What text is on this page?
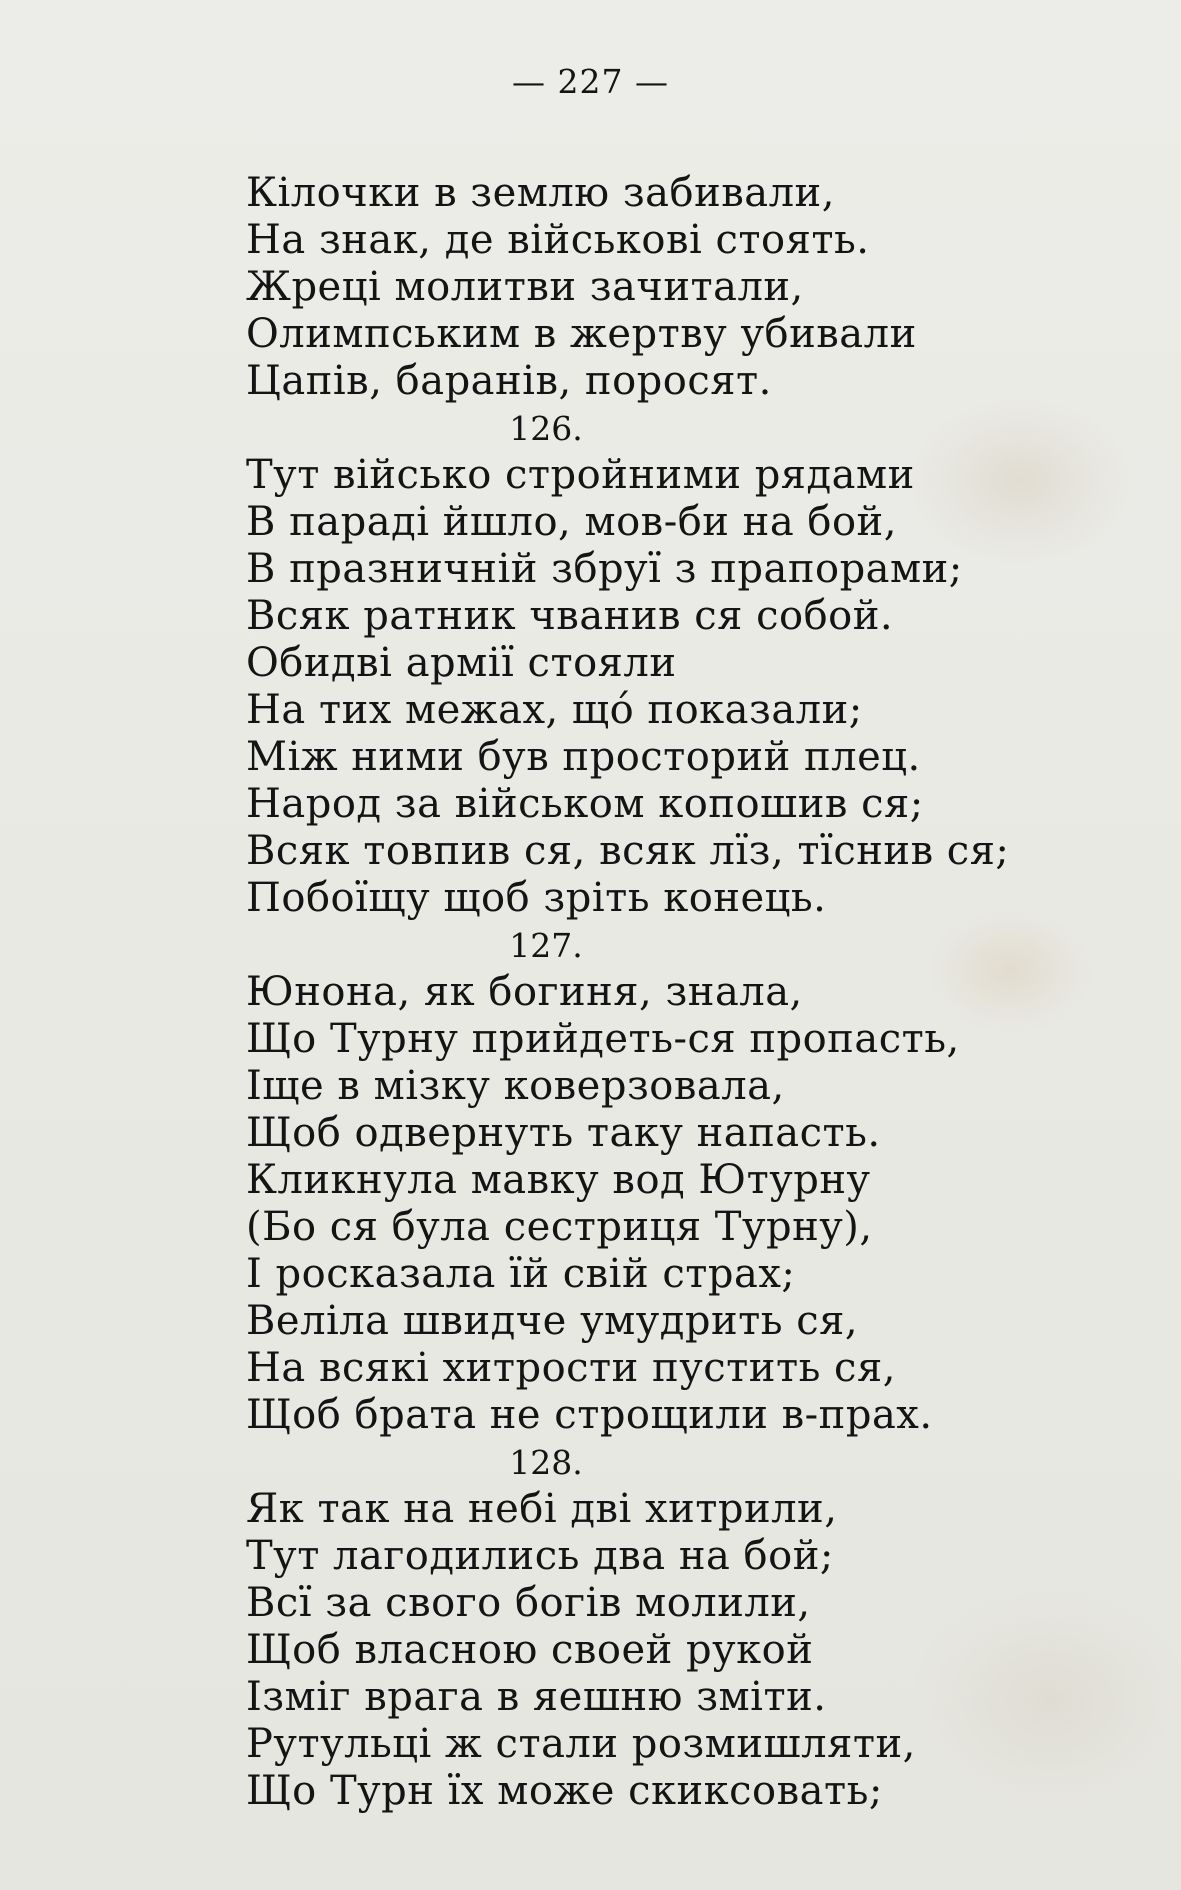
— 227 —
Кілочки в землю забивали,
На знак, де військові стоять.
Жреці молитви зачитали,
Олимпським в жертву убивали
Цапів, баранів, поросят.
126.
Тут військо стройними рядами
В параді йшло, мов-би на бой,
В празничній збруї з прапорами;
Всяк ратник чванив ся собой.
Обидві армії стояли
На тих межах, що́ показали;
Між ними був просторий плец.
Народ за військом копошив ся;
Всяк товпив ся, всяк лїз, тїснив ся;
Побоїщу щоб зріть конець.
127.
Юнона, як богиня, знала,
Що Турну прийдеть-ся пропасть,
Іще в мізку коверзовала,
Щоб одвернуть таку напасть.
Кликнула мавку вод Ютурну
(Бо ся була сестриця Турну),
І росказала їй свій страх;
Веліла швидче умудрить ся,
На всякі хитрости пустить ся,
Щоб брата не строщили в-прах.
128.
Як так на небі дві хитрили,
Тут лагодились два на бой;
Всї за свого богів молили,
Щоб власною своей рукой
Ізміг врага в яешню зміти.
Рутульці ж стали розмишляти,
Що Турн їх може скиксовать;
